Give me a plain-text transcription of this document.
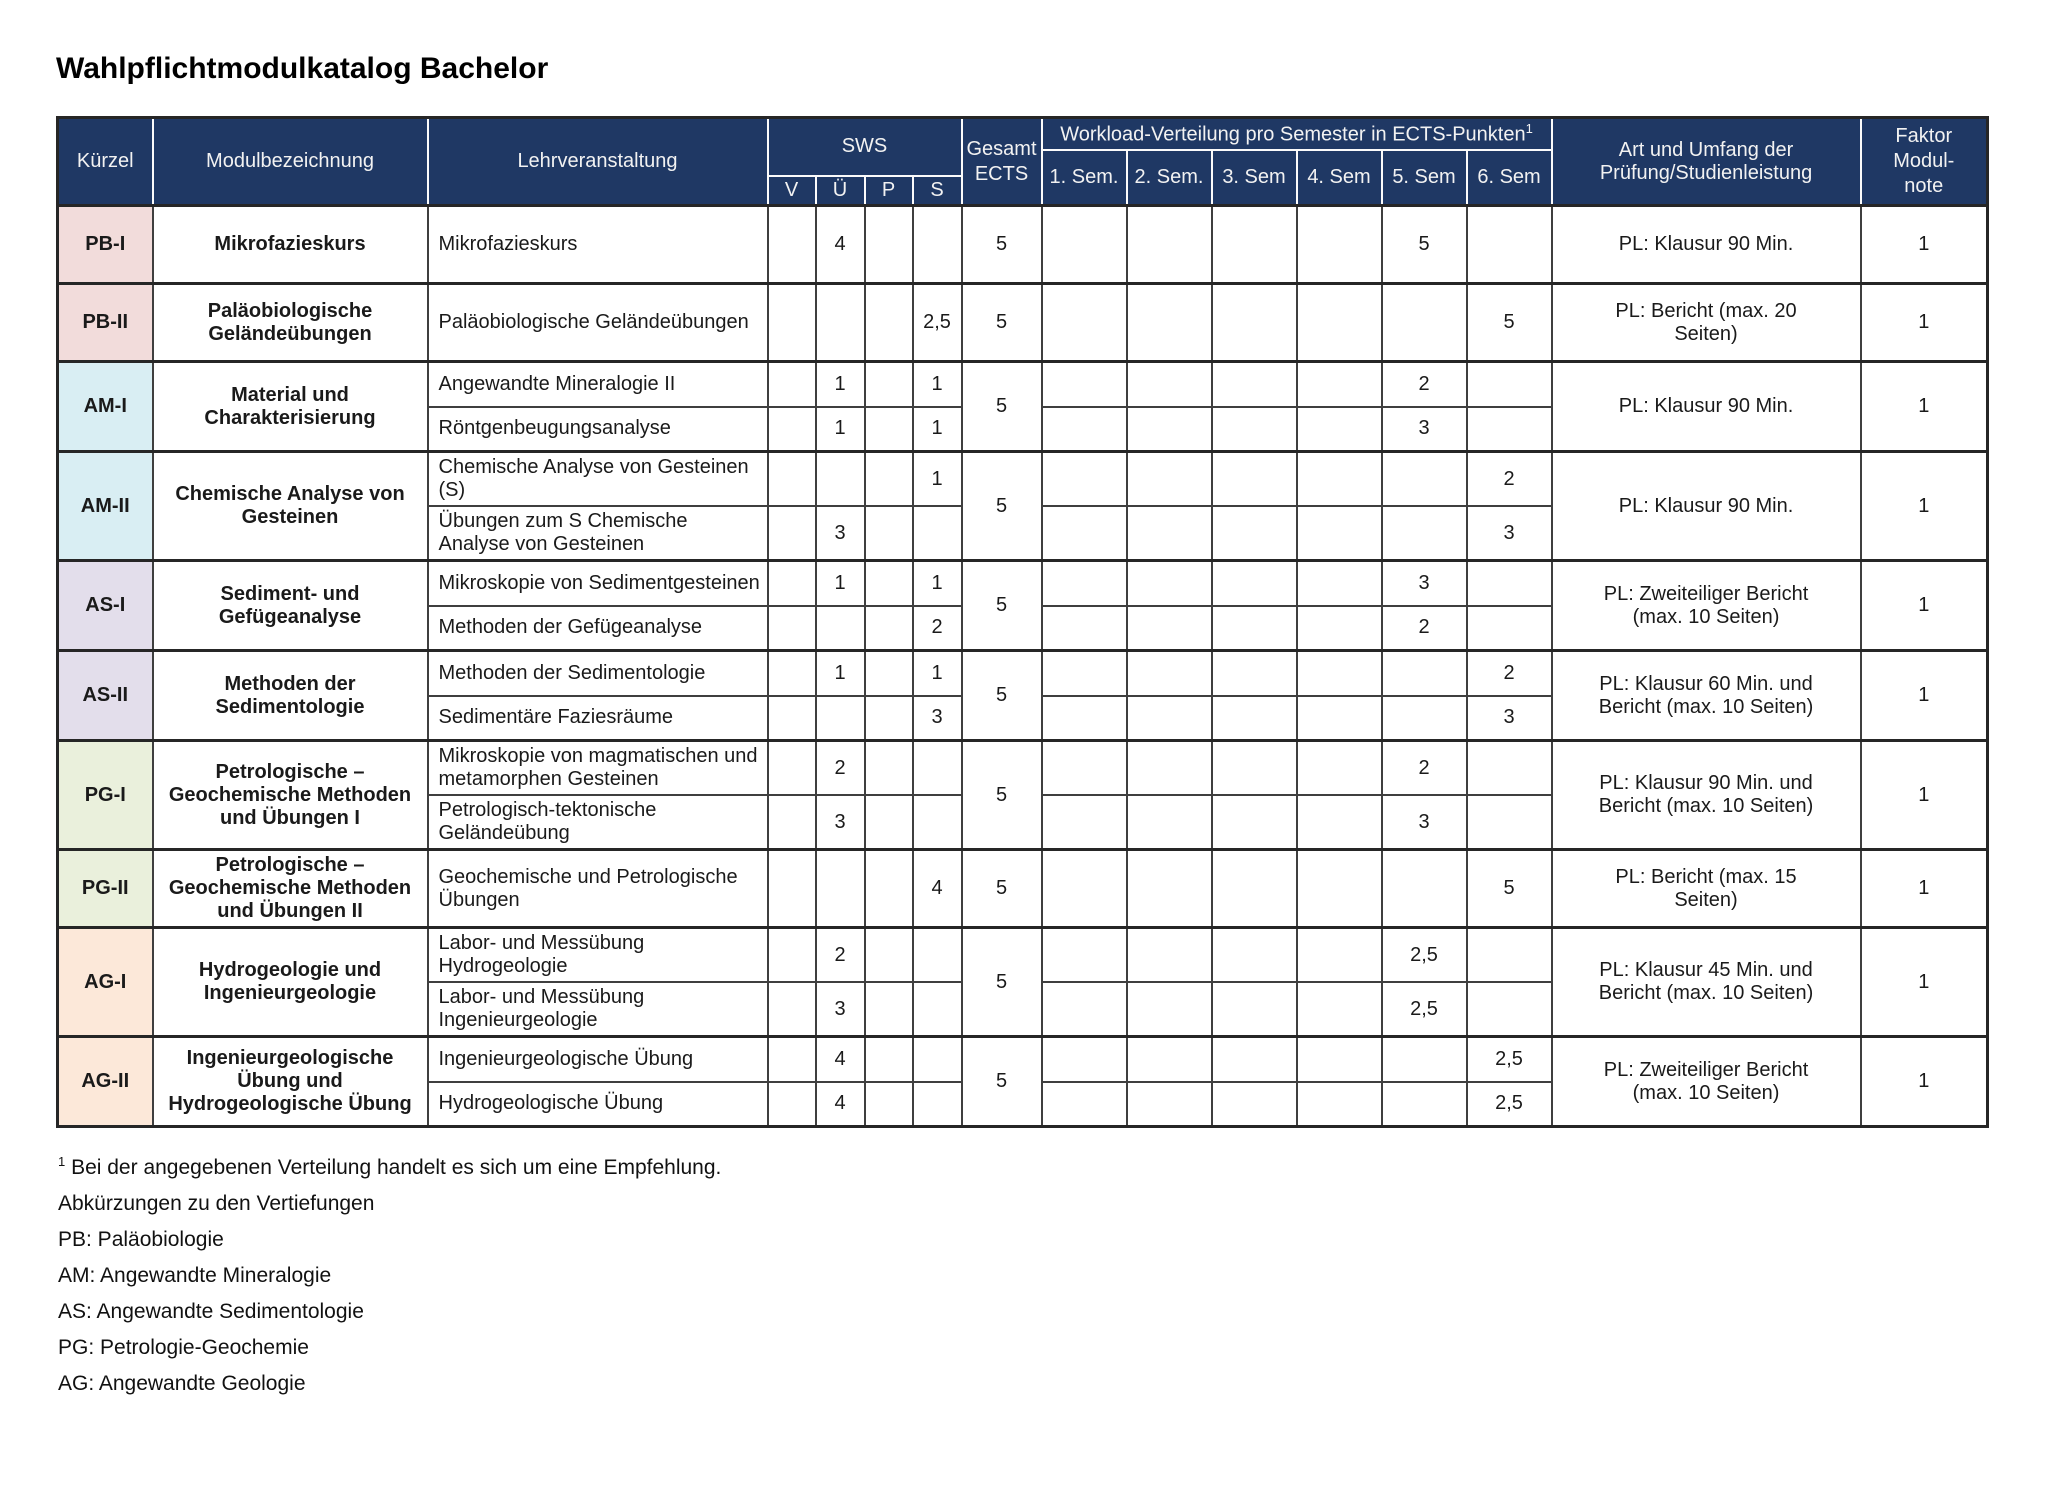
Wahlpflichtmodulkatalog Bachelor
Kürzel	Modulbezeichnung	Lehrveranstaltung	SWS				Gesamt
ECTS	Workload-Verteilung pro Semester in ECTS-Punkten$^1$						Art und Umfang der Prüfung/Studienleistung	Faktor
Modul-
note

								1. Sem.	2. Sem.	3. Sem	4. Sem	5. Sem	6. Sem		
			V	Ü	P	S									
PB-I	Mikrofazieskurs	Mikrofazieskurs		4			5					5		PL: Klausur 90 Min.	1
PB-II	Paläobiologische Geländeübungen	Paläobiologische Geländeübungen				2,5	5						5	PL: Bericht (max. 20 Seiten)	1
AM-I	Material und Charakterisierung	Angewandte Mineralogie II		1		1	5					2		PL: Klausur 90 Min.	1
		Röntgenbeugungsanalyse		1		1						3			
AM-II	Chemische Analyse von Gesteinen	Chemische Analyse von Gesteinen (S)				1	5						2	PL: Klausur 90 Min.	1
		Übungen zum S Chemische Analyse von Gesteinen		3									3		
AS-I	Sediment- und Gefügeanalyse	Mikroskopie von Sedimentgesteinen		1		1	5					3		PL: Zweiteiliger Bericht (max. 10 Seiten)	1
		Methoden der Gefügeanalyse				2						2			
AS-II	Methoden der Sedimentologie	Methoden der Sedimentologie		1		1	5						2	PL: Klausur 60 Min. und Bericht (max. 10 Seiten)	1
		Sedimentäre Faziesräume				3							3		
PG-I	Petrologische – Geochemische Methoden und Übungen I	Mikroskopie von magmatischen und metamorphen Gesteinen		2			5					2		PL: Klausur 90 Min. und Bericht (max. 10 Seiten)	1
		Petrologisch-tektonische Geländeübung		3								3			
PG-II	Petrologische – Geochemische Methoden und Übungen II	Geochemische und Petrologische Übungen				4	5						5	PL: Bericht (max. 15 Seiten)	1
AG-I	Hydrogeologie und Ingenieurgeologie	Labor- und Messübung Hydrogeologie		2			5					2,5		PL: Klausur 45 Min. und Bericht (max. 10 Seiten)	1
		Labor- und Messübung Ingenieurgeologie		3								2,5			
AG-II	Ingenieurgeologische Übung und Hydrogeologische Übung	Ingenieurgeologische Übung		4			5						2,5	PL: Zweiteiliger Bericht (max. 10 Seiten)	1
		Hydrogeologische Übung		4									2,5		
$^1$ Bei der angegebenen Verteilung handelt es sich um eine Empfehlung.
Abkürzungen zu den Vertiefungen
PB: Paläobiologie
AM: Angewandte Mineralogie
AS: Angewandte Sedimentologie
PG: Petrologie-Geochemie
AG: Angewandte Geologie
